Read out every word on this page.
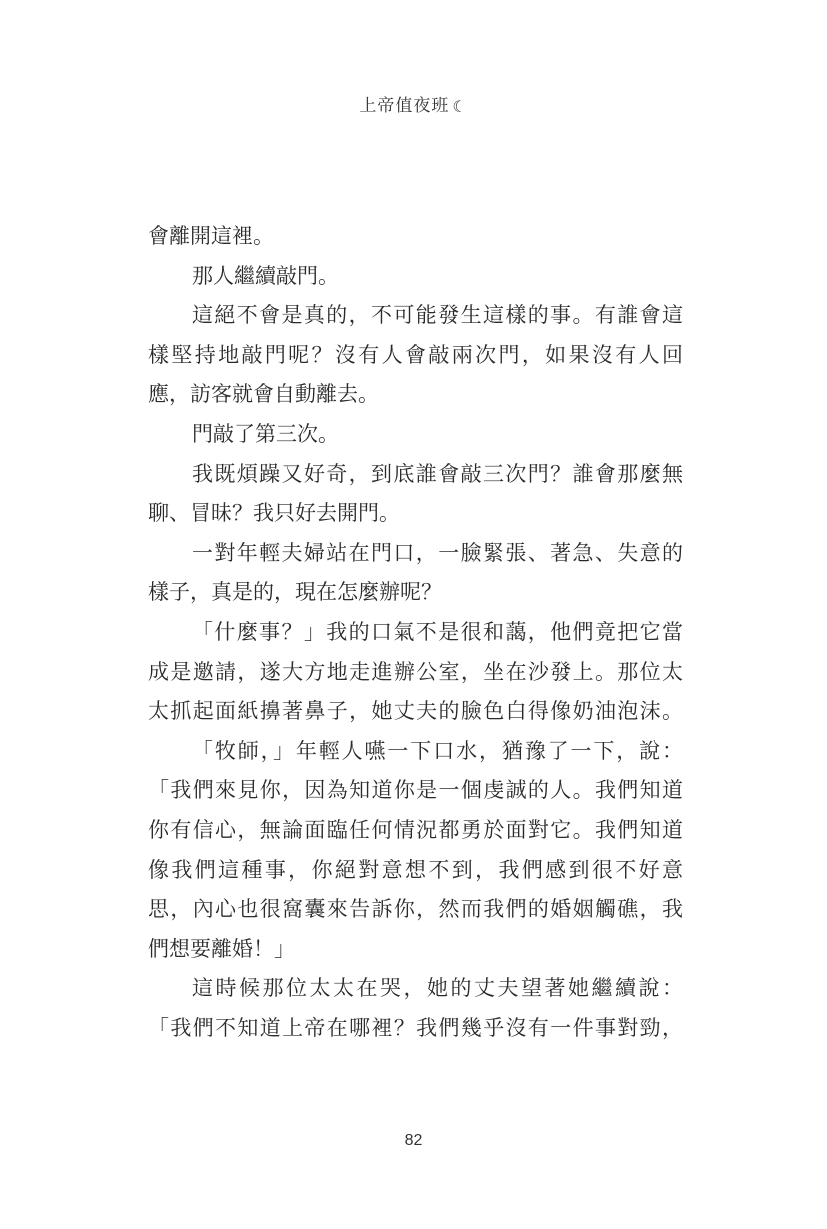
上帝值夜班 ☾
會離開這裡。
那人繼續敲門。
這絕不會是真的，不可能發生這樣的事。有誰會這
樣堅持地敲門呢？沒有人會敲兩次門，如果沒有人回
應，訪客就會自動離去。
門敲了第三次。
我既煩躁又好奇，到底誰會敲三次門？誰會那麼無
聊、冒昧？我只好去開門。
一對年輕夫婦站在門口，一臉緊張、著急、失意的
樣子，真是的，現在怎麼辦呢？
「什麼事？」我的口氣不是很和藹，他們竟把它當
成是邀請，遂大方地走進辦公室，坐在沙發上。那位太
太抓起面紙擤著鼻子，她丈夫的臉色白得像奶油泡沫。
「牧師，」年輕人嚥一下口水，猶豫了一下，說：
「我們來見你，因為知道你是一個虔誠的人。我們知道
你有信心，無論面臨任何情況都勇於面對它。我們知道
像我們這種事，你絕對意想不到，我們感到很不好意
思，內心也很窩囊來告訴你，然而我們的婚姻觸礁，我
們想要離婚！」
這時候那位太太在哭，她的丈夫望著她繼續說：
「我們不知道上帝在哪裡？我們幾乎沒有一件事對勁，
82
